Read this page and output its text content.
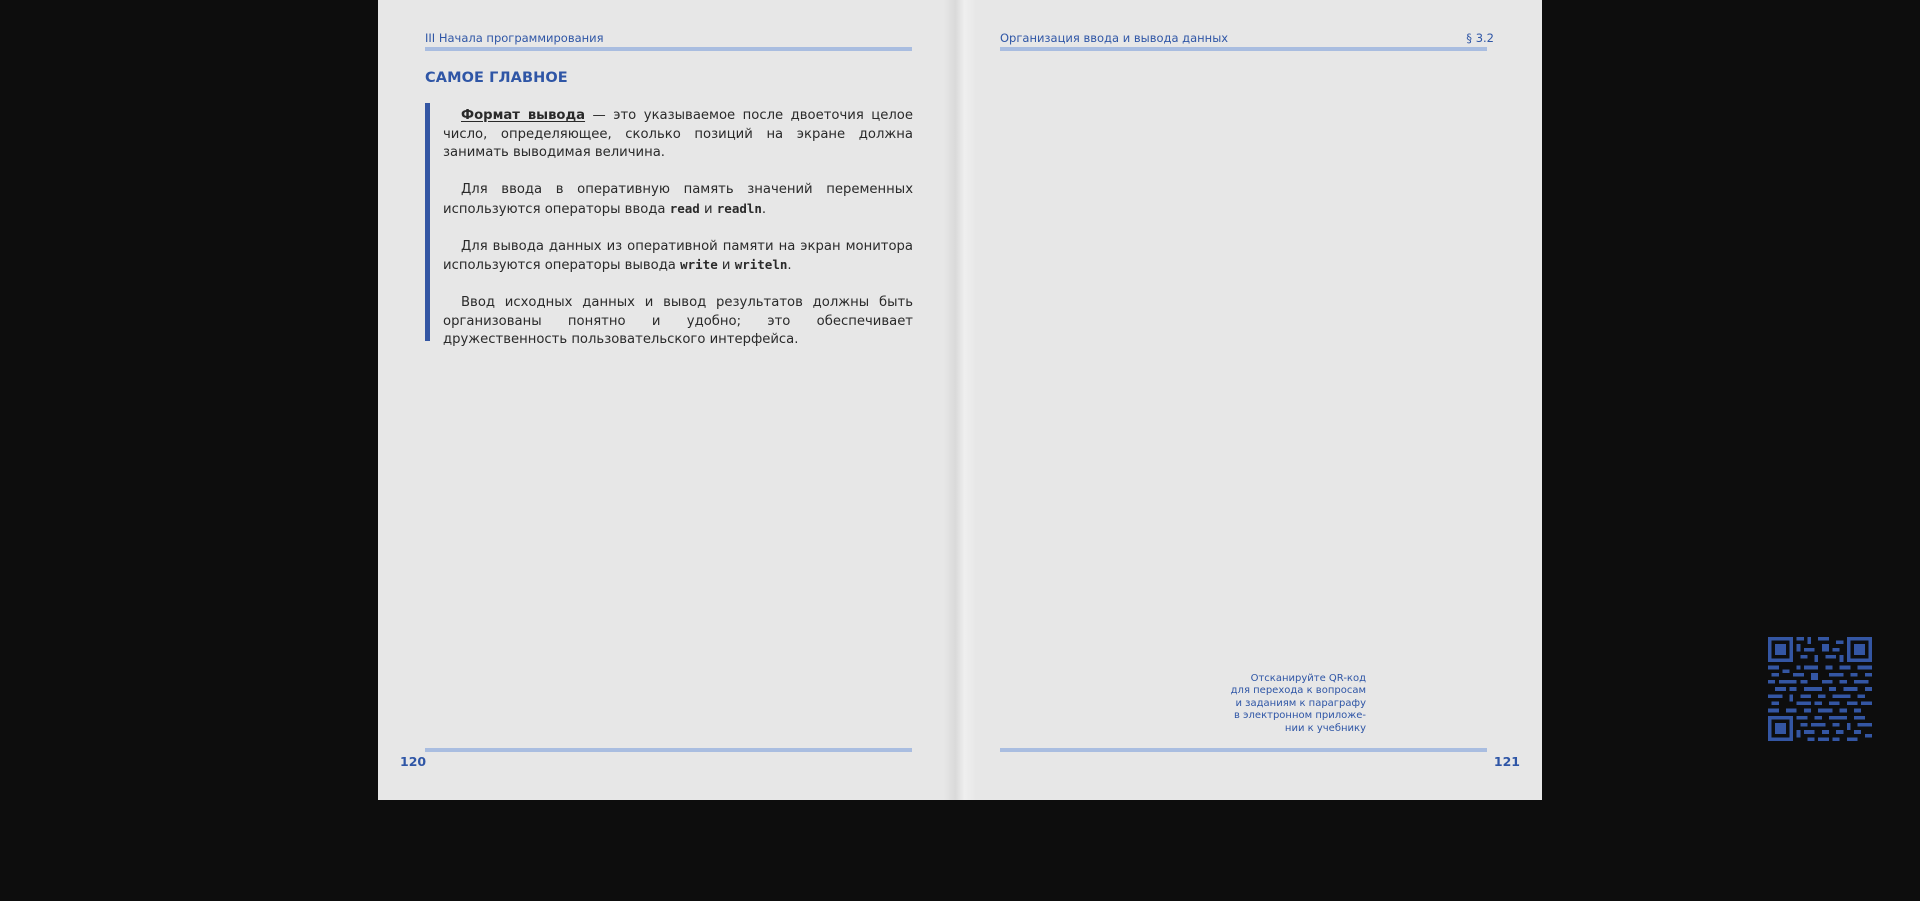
III Начала программирования
САМОЕ ГЛАВНОЕ

Формат вывода — это указываемое после двоеточия целое число, определяющее, сколько позиций на экране должна занимать выводимая величина.

Для ввода в оперативную память значений переменных используются операторы ввода read и readln.

Для вывода данных из оперативной памяти на экран монитора используются операторы вывода write и writeln.

Ввод исходных данных и вывод результатов должны быть организованы понятно и удобно; это обеспечивает дружественность пользовательского интерфейса.

120
Организация ввода и вывода данных	§ 3.2
Отсканируйте QR-код
для перехода к вопросам
и заданиям к параграфу
в электронном приложе-
нии к учебнику
121
